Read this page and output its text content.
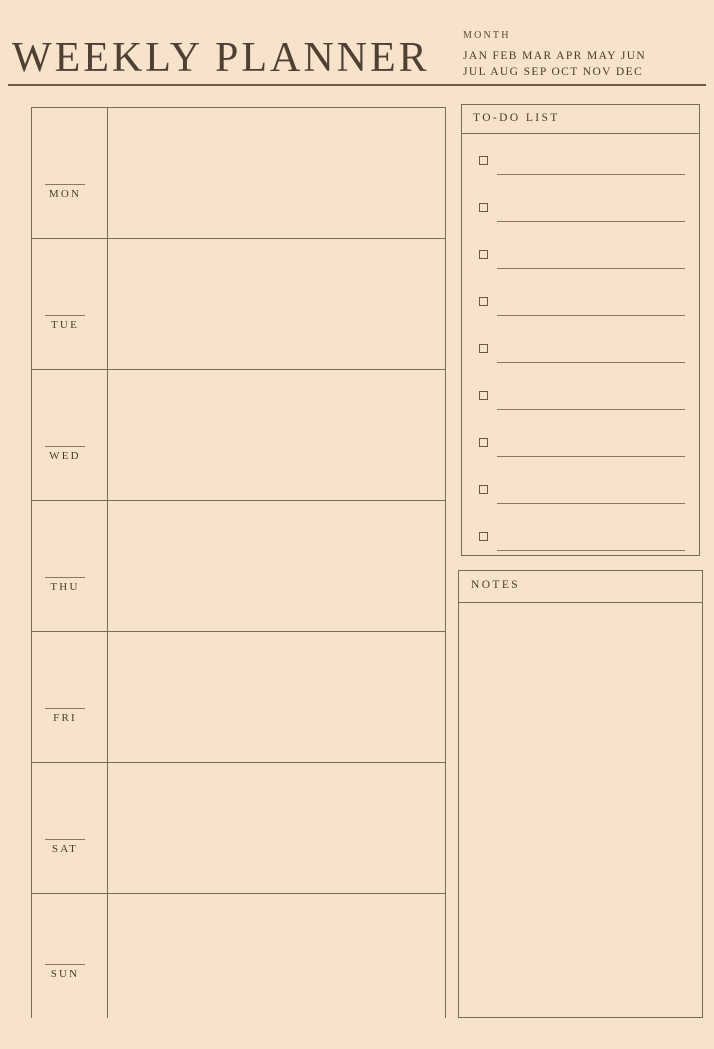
WEEKLY PLANNER	MONTH
JAN FEB MAR APR MAY JUN
JUL AUG SEP OCT NOV DEC
MON
TUE
WED
THU
FRI
SAT
SUN
TO-DO LIST
NOTES
